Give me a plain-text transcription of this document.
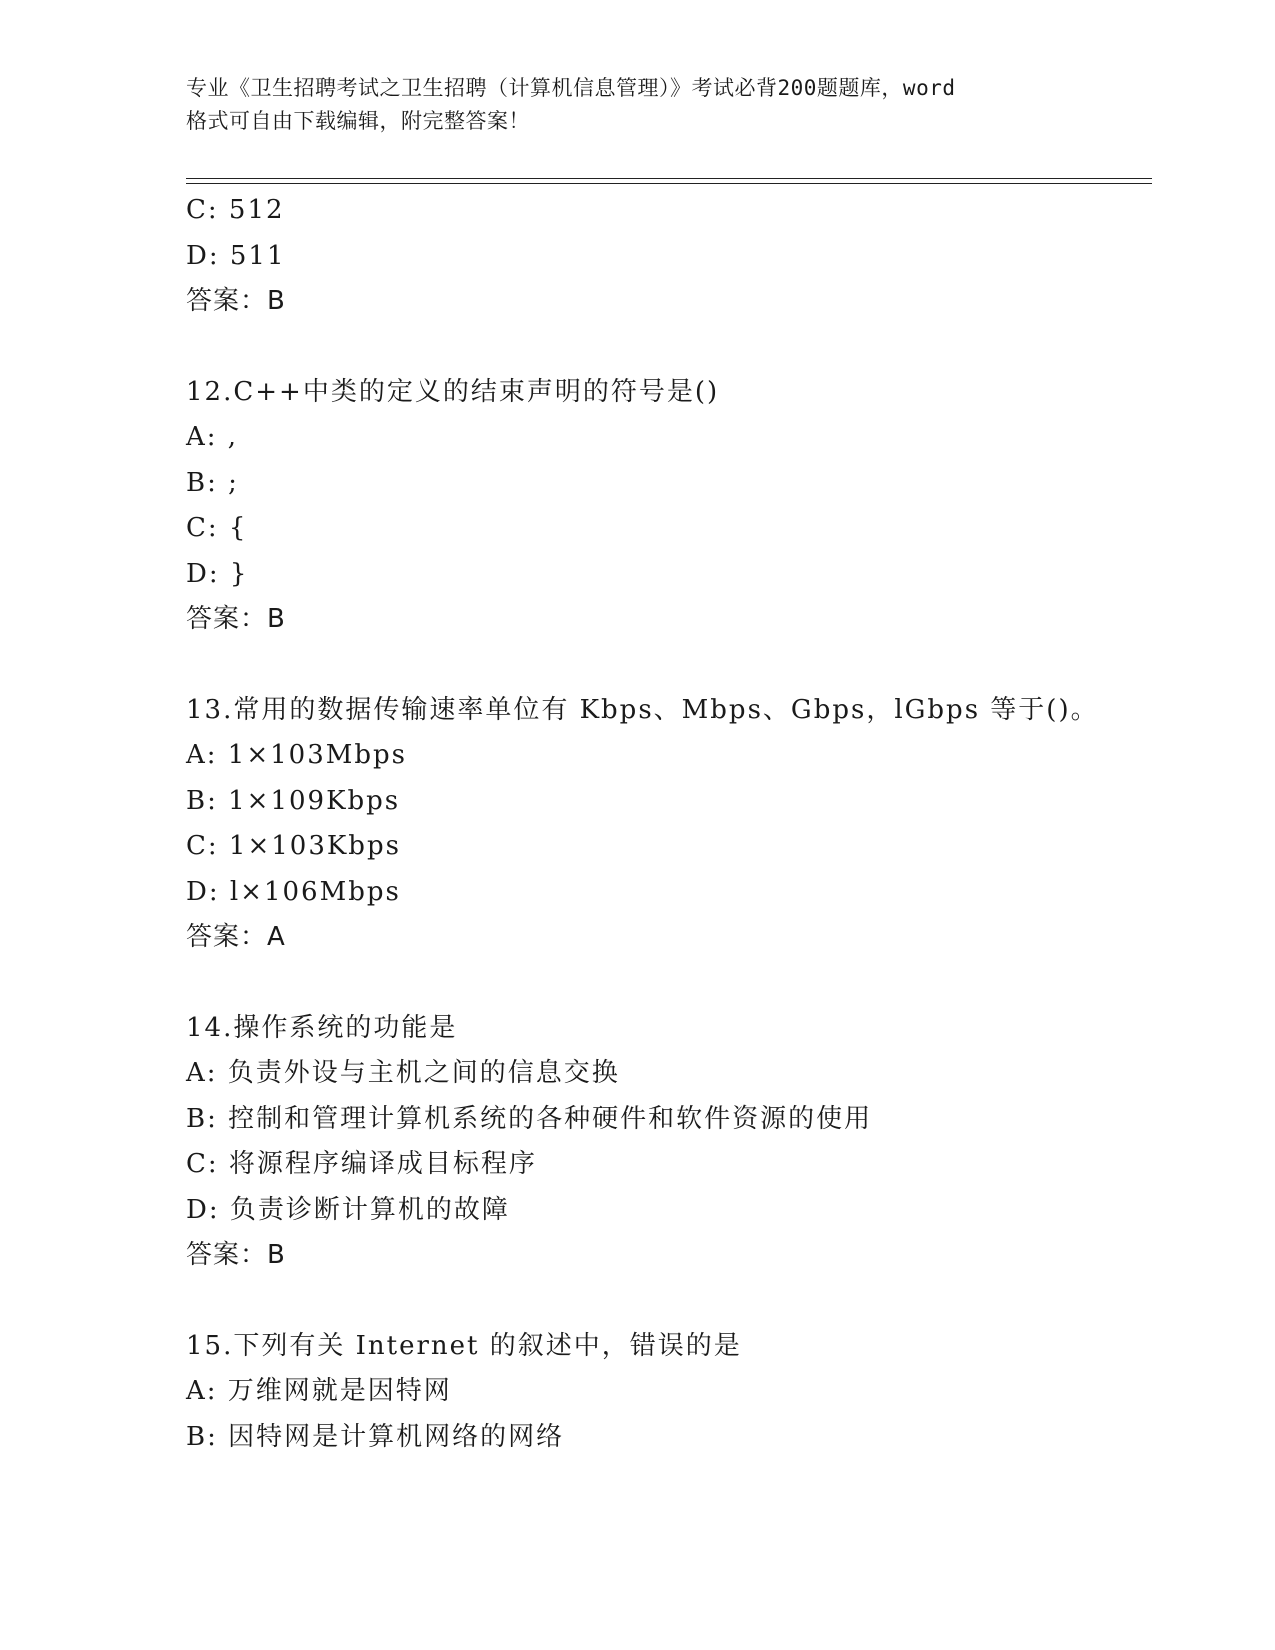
专业《卫生招聘考试之卫生招聘（计算机信息管理）》考试必背200题题库，word
格式可自由下载编辑，附完整答案！
C: 512
D: 511
答案：B
12.C++中类的定义的结束声明的符号是()
A: ,
B: ;
C: {
D: }
答案：B
13.常用的数据传输速率单位有 Kbps、Mbps、Gbps，lGbps 等于()。
A: 1×103Mbps
B: 1×109Kbps
C: 1×103Kbps
D: l×106Mbps
答案：A
14.操作系统的功能是
A: 负责外设与主机之间的信息交换
B: 控制和管理计算机系统的各种硬件和软件资源的使用
C: 将源程序编译成目标程序
D: 负责诊断计算机的故障
答案：B
15.下列有关 Internet 的叙述中，错误的是
A: 万维网就是因特网
B: 因特网是计算机网络的网络
